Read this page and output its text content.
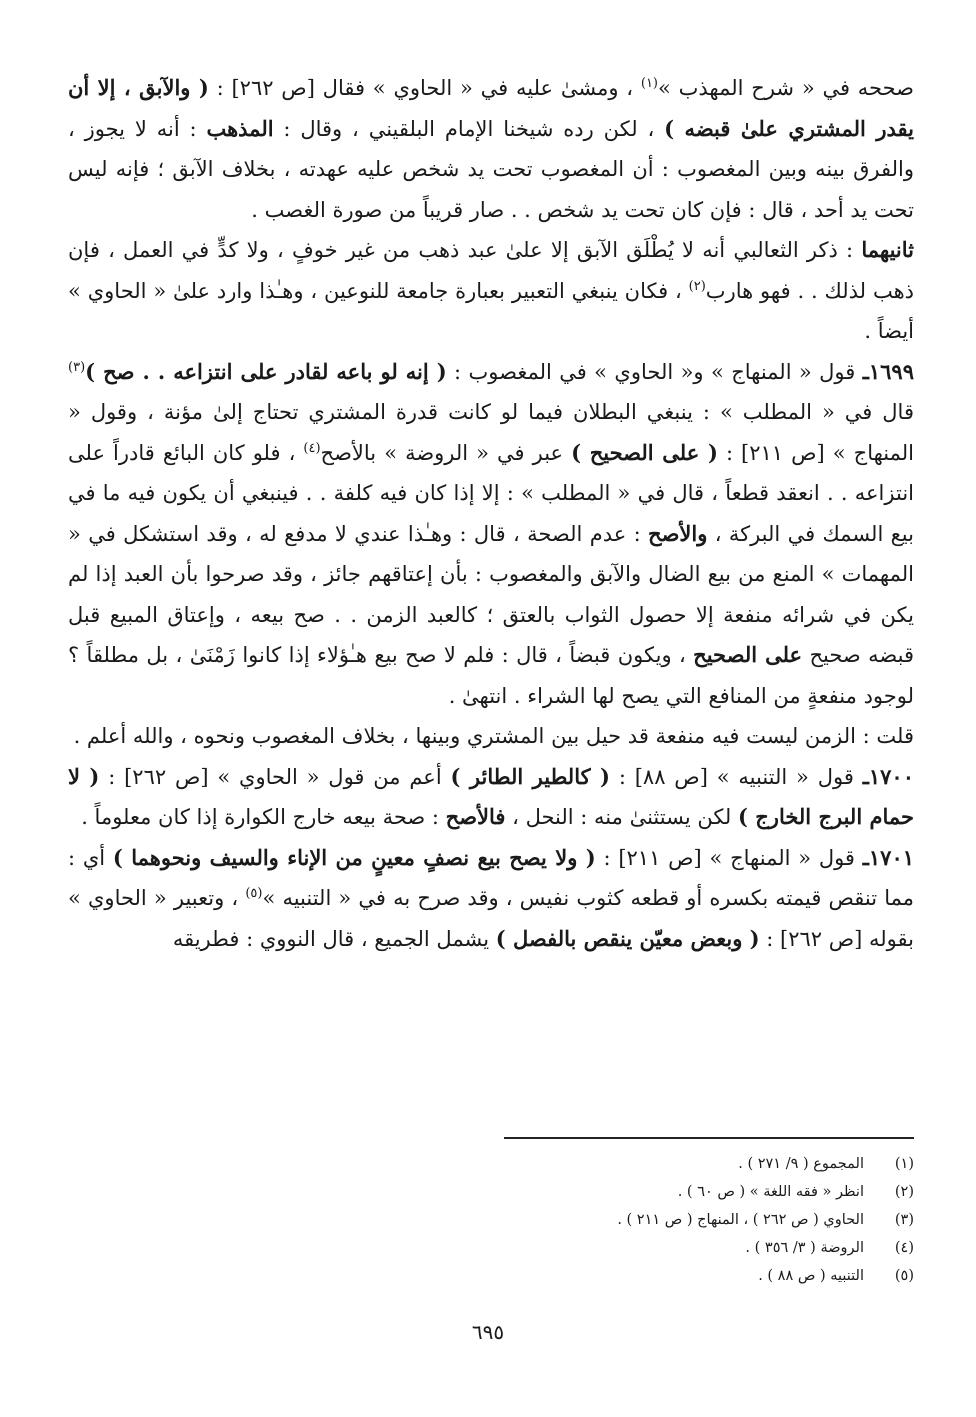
صححه في « شرح المهذب »$^{(١)}$ ، ومشىٰ عليه في « الحاوي » فقال [ص ٢٦٢] : ( والآبق ، إلا أن يقدر المشتري علىٰ قبضه ) ، لكن رده شيخنا الإمام البلقيني ، وقال : المذهب : أنه لا يجوز ، والفرق بينه وبين المغصوب : أن المغصوب تحت يد شخص عليه عهدته ، بخلاف الآبق ؛ فإنه ليس تحت يد أحد ، قال : فإن كان تحت يد شخص . . صار قريباً من صورة الغصب .

ثانيهما : ذكر الثعالبي أنه لا يُطْلَق الآبق إلا علىٰ عبد ذهب من غير خوفٍ ، ولا كدٍّ في العمل ، فإن ذهب لذلك . . فهو هارب$^{(٢)}$ ، فكان ينبغي التعبير بعبارة جامعة للنوعين ، وهـٰذا وارد علىٰ « الحاوي » أيضاً .

١٦٩٩ـ قول « المنهاج » و« الحاوي » في المغصوب : ( إنه لو باعه لقادر على انتزاعه . . صح )$^{(٣)}$ قال في « المطلب » : ينبغي البطلان فيما لو كانت قدرة المشتري تحتاج إلىٰ مؤنة ، وقول « المنهاج » [ص ٢١١] : ( على الصحيح ) عبر في « الروضة » بالأصح$^{(٤)}$ ، فلو كان البائع قادراً على انتزاعه . . انعقد قطعاً ، قال في « المطلب » : إلا إذا كان فيه كلفة . . فينبغي أن يكون فيه ما في بيع السمك في البركة ، والأصح : عدم الصحة ، قال : وهـٰذا عندي لا مدفع له ، وقد استشكل في « المهمات » المنع من بيع الضال والآبق والمغصوب : بأن إعتاقهم جائز ، وقد صرحوا بأن العبد إذا لم يكن في شرائه منفعة إلا حصول الثواب بالعتق ؛ كالعبد الزمن . . صح بيعه ، وإعتاق المبيع قبل قبضه صحيح على الصحيح ، ويكون قبضاً ، قال : فلم لا صح بيع هـٰؤلاء إذا كانوا زَمْنَىٰ ، بل مطلقاً ؟ لوجود منفعةٍ من المنافع التي يصح لها الشراء . انتهىٰ .

قلت : الزمن ليست فيه منفعة قد حيل بين المشتري وبينها ، بخلاف المغصوب ونحوه ، والله أعلم .

١٧٠٠ـ قول « التنبيه » [ص ٨٨] : ( كالطير الطائر ) أعم من قول « الحاوي » [ص ٢٦٢] : ( لا حمام البرج الخارج ) لكن يستثنىٰ منه : النحل ، فالأصح : صحة بيعه خارج الكوارة إذا كان معلوماً .

١٧٠١ـ قول « المنهاج » [ص ٢١١] : ( ولا يصح بيع نصفٍ معينٍ من الإناء والسيف ونحوهما ) أي : مما تنقص قيمته بكسره أو قطعه كثوب نفيس ، وقد صرح به في « التنبيه »$^{(٥)}$ ، وتعبير « الحاوي » بقوله [ص ٢٦٢] : ( وبعض معيّن ينقص بالفصل ) يشمل الجميع ، قال النووي : فطريقه

(١)
المجموع ( ٩/ ٢٧١ ) .
(٢)
انظر « فقه اللغة » ( ص ٦٠ ) .
(٣)
الحاوي ( ص ٢٦٢ ) ، المنهاج ( ص ٢١١ ) .
(٤)
الروضة ( ٣/ ٣٥٦ ) .
(٥)
التنبيه ( ص ٨٨ ) .
٦٩٥
